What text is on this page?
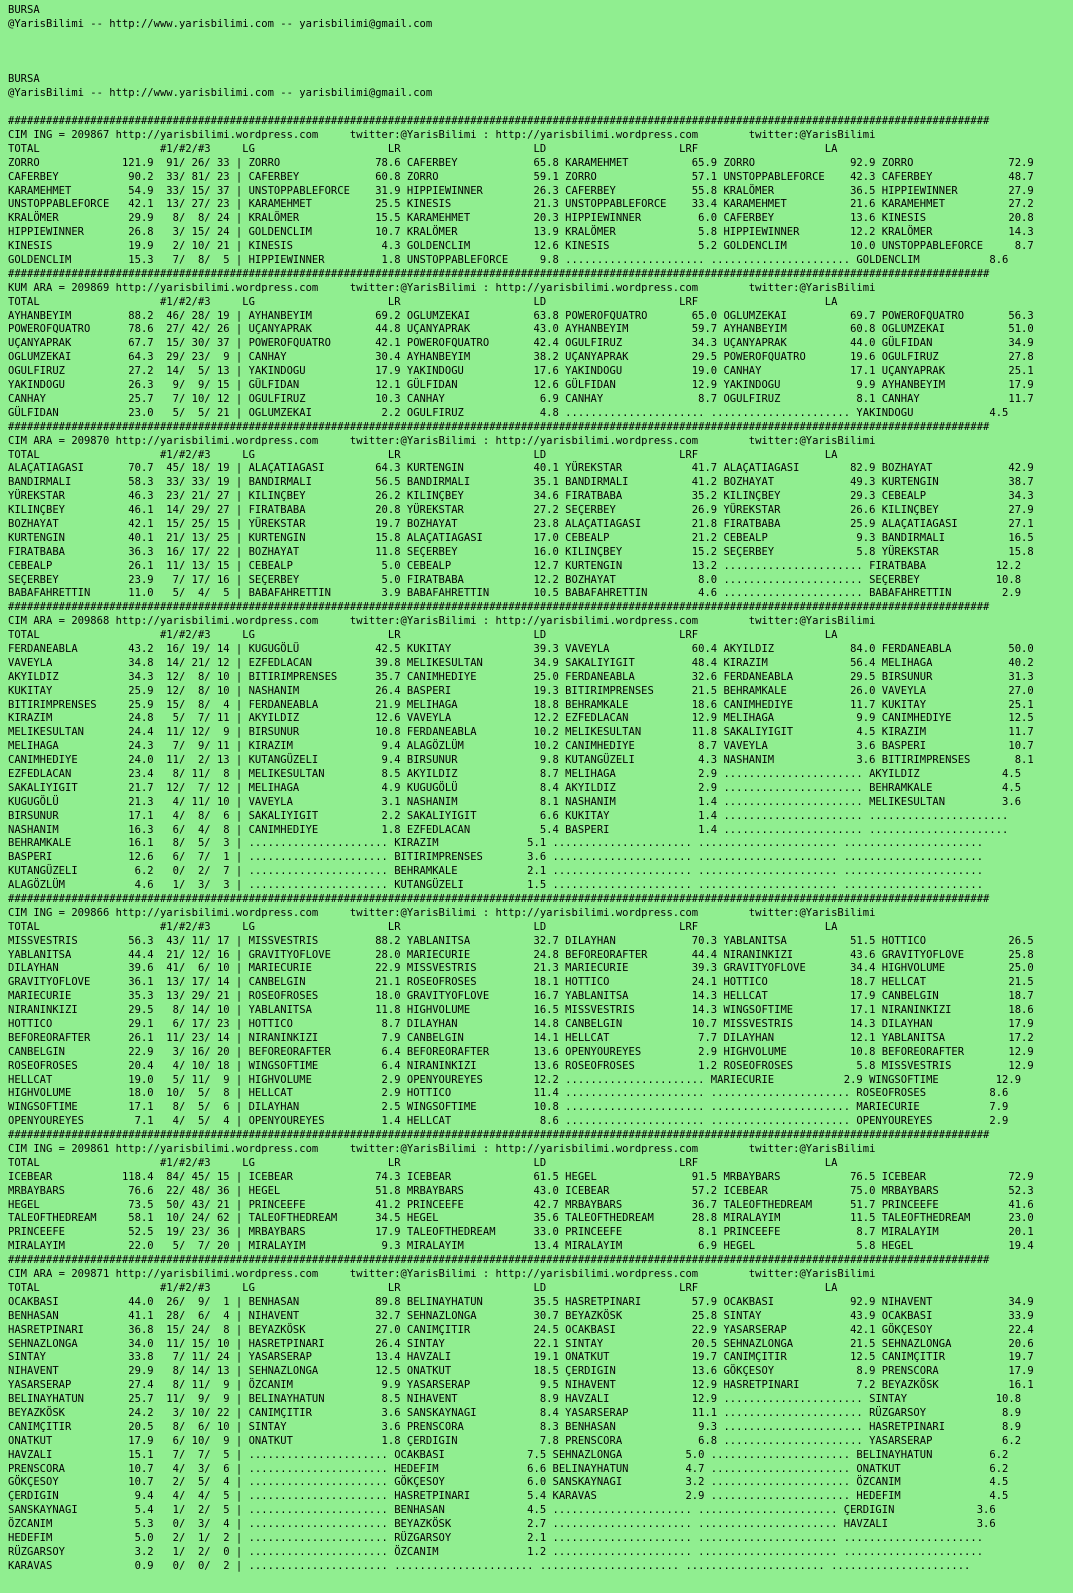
BURSA
@YarisBilimi -- http://www.yarisbilimi.com -- yarisbilimi@gmail.com
BURSA
@YarisBilimi -- http://www.yarisbilimi.com -- yarisbilimi@gmail.com
###########################################################################################################################################################
CIM ING = 209867 http://yarisbilimi.wordpress.com     twitter:@YarisBilimi : http://yarisbilimi.wordpress.com        twitter:@YarisBilimi
TOTAL                   #1/#2/#3     LG                     LR                     LD                     LRF                    LA
ZORRO             121.9  91/ 26/ 33 | ZORRO               78.6 CAFERBEY            65.8 KARAMEHMET          65.9 ZORRO               92.9 ZORRO               72.9
CAFERBEY           90.2  33/ 81/ 23 | CAFERBEY            60.8 ZORRO               59.1 ZORRO               57.1 UNSTOPPABLEFORCE    42.3 CAFERBEY            48.7
KARAMEHMET         54.9  33/ 15/ 37 | UNSTOPPABLEFORCE    31.9 HIPPIEWINNER        26.3 CAFERBEY            55.8 KRALÖMER            36.5 HIPPIEWINNER        27.9
UNSTOPPABLEFORCE   42.1  13/ 27/ 23 | KARAMEHMET          25.5 KINESIS             21.3 UNSTOPPABLEFORCE    33.4 KARAMEHMET          21.6 KARAMEHMET          27.2
KRALÖMER           29.9   8/  8/ 24 | KRALÖMER            15.5 KARAMEHMET          20.3 HIPPIEWINNER         6.0 CAFERBEY            13.6 KINESIS             20.8
HIPPIEWINNER       26.8   3/ 15/ 24 | GOLDENCLIM          10.7 KRALÖMER            13.9 KRALÖMER             5.8 HIPPIEWINNER        12.2 KRALÖMER            14.3
KINESIS            19.9   2/ 10/ 21 | KINESIS              4.3 GOLDENCLIM          12.6 KINESIS              5.2 GOLDENCLIM          10.0 UNSTOPPABLEFORCE     8.7
GOLDENCLIM         15.3   7/  8/  5 | HIPPIEWINNER         1.8 UNSTOPPABLEFORCE     9.8 ...................... ...................... GOLDENCLIM           8.6
###########################################################################################################################################################
KUM ARA = 209869 http://yarisbilimi.wordpress.com     twitter:@YarisBilimi : http://yarisbilimi.wordpress.com        twitter:@YarisBilimi
TOTAL                   #1/#2/#3     LG                     LR                     LD                     LRF                    LA
AYHANBEYIM         88.2  46/ 28/ 19 | AYHANBEYIM          69.2 OGLUMZEKAI          63.8 POWEROFQUATRO       65.0 OGLUMZEKAI          69.7 POWEROFQUATRO       56.3
POWEROFQUATRO      78.6  27/ 42/ 26 | UÇANYAPRAK          44.8 UÇANYAPRAK          43.0 AYHANBEYIM          59.7 AYHANBEYIM          60.8 OGLUMZEKAI          51.0
UÇANYAPRAK         67.7  15/ 30/ 37 | POWEROFQUATRO       42.1 POWEROFQUATRO       42.4 OGULFIRUZ           34.3 UÇANYAPRAK          44.0 GÜLFIDAN            34.9
OGLUMZEKAI         64.3  29/ 23/  9 | CANHAY              30.4 AYHANBEYIM          38.2 UÇANYAPRAK          29.5 POWEROFQUATRO       19.6 OGULFIRUZ           27.8
OGULFIRUZ          27.2  14/  5/ 13 | YAKINDOGU           17.9 YAKINDOGU           17.6 YAKINDOGU           19.0 CANHAY              17.1 UÇANYAPRAK          25.1
YAKINDOGU          26.3   9/  9/ 15 | GÜLFIDAN            12.1 GÜLFIDAN            12.6 GÜLFIDAN            12.9 YAKINDOGU            9.9 AYHANBEYIM          17.9
CANHAY             25.7   7/ 10/ 12 | OGULFIRUZ           10.3 CANHAY               6.9 CANHAY               8.7 OGULFIRUZ            8.1 CANHAY              11.7
GÜLFIDAN           23.0   5/  5/ 21 | OGLUMZEKAI           2.2 OGULFIRUZ            4.8 ...................... ...................... YAKINDOGU            4.5
###########################################################################################################################################################
CIM ARA = 209870 http://yarisbilimi.wordpress.com     twitter:@YarisBilimi : http://yarisbilimi.wordpress.com        twitter:@YarisBilimi
TOTAL                   #1/#2/#3     LG                     LR                     LD                     LRF                    LA
ALAÇATIAGASI       70.7  45/ 18/ 19 | ALAÇATIAGASI        64.3 KURTENGIN           40.1 YÜREKSTAR           41.7 ALAÇATIAGASI        82.9 BOZHAYAT            42.9
BANDIRMALI         58.3  33/ 33/ 19 | BANDIRMALI          56.5 BANDIRMALI          35.1 BANDIRMALI          41.2 BOZHAYAT            49.3 KURTENGIN           38.7
YÜREKSTAR          46.3  23/ 21/ 27 | KILINÇBEY           26.2 KILINÇBEY           34.6 FIRATBABA           35.2 KILINÇBEY           29.3 CEBEALP             34.3
KILINÇBEY          46.1  14/ 29/ 27 | FIRATBABA           20.8 YÜREKSTAR           27.2 SEÇERBEY            26.9 YÜREKSTAR           26.6 KILINÇBEY           27.9
BOZHAYAT           42.1  15/ 25/ 15 | YÜREKSTAR           19.7 BOZHAYAT            23.8 ALAÇATIAGASI        21.8 FIRATBABA           25.9 ALAÇATIAGASI        27.1
KURTENGIN          40.1  21/ 13/ 25 | KURTENGIN           15.8 ALAÇATIAGASI        17.0 CEBEALP             21.2 CEBEALP              9.3 BANDIRMALI          16.5
FIRATBABA          36.3  16/ 17/ 22 | BOZHAYAT            11.8 SEÇERBEY            16.0 KILINÇBEY           15.2 SEÇERBEY             5.8 YÜREKSTAR           15.8
CEBEALP            26.1  11/ 13/ 15 | CEBEALP              5.0 CEBEALP             12.7 KURTENGIN           13.2 ...................... FIRATBABA           12.2
SEÇERBEY           23.9   7/ 17/ 16 | SEÇERBEY             5.0 FIRATBABA           12.2 BOZHAYAT             8.0 ...................... SEÇERBEY            10.8
BABAFAHRETTIN      11.0   5/  4/  5 | BABAFAHRETTIN        3.9 BABAFAHRETTIN       10.5 BABAFAHRETTIN        4.6 ...................... BABAFAHRETTIN        2.9
###########################################################################################################################################################
CIM ARA = 209868 http://yarisbilimi.wordpress.com     twitter:@YarisBilimi : http://yarisbilimi.wordpress.com        twitter:@YarisBilimi
TOTAL                   #1/#2/#3     LG                     LR                     LD                     LRF                    LA
FERDANEABLA        43.2  16/ 19/ 14 | KUGUGÖLÜ            42.5 KUKITAY             39.3 VAVEYLA             60.4 AKYILDIZ            84.0 FERDANEABLA         50.0
VAVEYLA            34.8  14/ 21/ 12 | EZFEDLACAN          39.8 MELIKESULTAN        34.9 SAKALIYIGIT         48.4 KIRAZIM             56.4 MELIHAGA            40.2
AKYILDIZ           34.3  12/  8/ 10 | BITIRIMPRENSES      35.7 CANIMHEDIYE         25.0 FERDANEABLA         32.6 FERDANEABLA         29.5 BIRSUNUR            31.3
KUKITAY            25.9  12/  8/ 10 | NASHANIM            26.4 BASPERI             19.3 BITIRIMPRENSES      21.5 BEHRAMKALE          26.0 VAVEYLA             27.0
BITIRIMPRENSES     25.9  15/  8/  4 | FERDANEABLA         21.9 MELIHAGA            18.8 BEHRAMKALE          18.6 CANIMHEDIYE         11.7 KUKITAY             25.1
KIRAZIM            24.8   5/  7/ 11 | AKYILDIZ            12.6 VAVEYLA             12.2 EZFEDLACAN          12.9 MELIHAGA             9.9 CANIMHEDIYE         12.5
MELIKESULTAN       24.4  11/ 12/  9 | BIRSUNUR            10.8 FERDANEABLA         10.2 MELIKESULTAN        11.8 SAKALIYIGIT          4.5 KIRAZIM             11.7
MELIHAGA           24.3   7/  9/ 11 | KIRAZIM              9.4 ALAGÖZLÜM           10.2 CANIMHEDIYE          8.7 VAVEYLA              3.6 BASPERI             10.7
CANIMHEDIYE        24.0  11/  2/ 13 | KUTANGÜZELI          9.4 BIRSUNUR             9.8 KUTANGÜZELI          4.3 NASHANIM             3.6 BITIRIMPRENSES       8.1
EZFEDLACAN         23.4   8/ 11/  8 | MELIKESULTAN         8.5 AKYILDIZ             8.7 MELIHAGA             2.9 ...................... AKYILDIZ             4.5
SAKALIYIGIT        21.7  12/  7/ 12 | MELIHAGA             4.9 KUGUGÖLÜ             8.4 AKYILDIZ             2.9 ...................... BEHRAMKALE           4.5
KUGUGÖLÜ           21.3   4/ 11/ 10 | VAVEYLA              3.1 NASHANIM             8.1 NASHANIM             1.4 ...................... MELIKESULTAN         3.6
BIRSUNUR           17.1   4/  8/  6 | SAKALIYIGIT          2.2 SAKALIYIGIT          6.6 KUKITAY              1.4 ...................... ......................
NASHANIM           16.3   6/  4/  8 | CANIMHEDIYE          1.8 EZFEDLACAN           5.4 BASPERI              1.4 ...................... ......................
BEHRAMKALE         16.1   8/  5/  3 | ...................... KIRAZIM              5.1 ...................... ...................... ......................
BASPERI            12.6   6/  7/  1 | ...................... BITIRIMPRENSES       3.6 ...................... ...................... ......................
KUTANGÜZELI         6.2   0/  2/  7 | ...................... BEHRAMKALE           2.1 ...................... ...................... ......................
ALAGÖZLÜM           4.6   1/  3/  3 | ...................... KUTANGÜZELI          1.5 ...................... ...................... ......................
###########################################################################################################################################################
CIM ING = 209866 http://yarisbilimi.wordpress.com     twitter:@YarisBilimi : http://yarisbilimi.wordpress.com        twitter:@YarisBilimi
TOTAL                   #1/#2/#3     LG                     LR                     LD                     LRF                    LA
MISSVESTRIS        56.3  43/ 11/ 17 | MISSVESTRIS         88.2 YABLANITSA          32.7 DILAYHAN            70.3 YABLANITSA          51.5 HOTTICO             26.5
YABLANITSA         44.4  21/ 12/ 16 | GRAVITYOFLOVE       28.0 MARIECURIE          24.8 BEFOREORAFTER       44.4 NIRANINKIZI         43.6 GRAVITYOFLOVE       25.8
DILAYHAN           39.6  41/  6/ 10 | MARIECURIE          22.9 MISSVESTRIS         21.3 MARIECURIE          39.3 GRAVITYOFLOVE       34.4 HIGHVOLUME          25.0
GRAVITYOFLOVE      36.1  13/ 17/ 14 | CANBELGIN           21.1 ROSEOFROSES         18.1 HOTTICO             24.1 HOTTICO             18.7 HELLCAT             21.5
MARIECURIE         35.3  13/ 29/ 21 | ROSEOFROSES         18.0 GRAVITYOFLOVE       16.7 YABLANITSA          14.3 HELLCAT             17.9 CANBELGIN           18.7
NIRANINKIZI        29.5   8/ 14/ 10 | YABLANITSA          11.8 HIGHVOLUME          16.5 MISSVESTRIS         14.3 WINGSOFTIME         17.1 NIRANINKIZI         18.6
HOTTICO            29.1   6/ 17/ 23 | HOTTICO              8.7 DILAYHAN            14.8 CANBELGIN           10.7 MISSVESTRIS         14.3 DILAYHAN            17.9
BEFOREORAFTER      26.1  11/ 23/ 14 | NIRANINKIZI          7.9 CANBELGIN           14.1 HELLCAT              7.7 DILAYHAN            12.1 YABLANITSA          17.2
CANBELGIN          22.9   3/ 16/ 20 | BEFOREORAFTER        6.4 BEFOREORAFTER       13.6 OPENYOUREYES         2.9 HIGHVOLUME          10.8 BEFOREORAFTER       12.9
ROSEOFROSES        20.4   4/ 10/ 18 | WINGSOFTIME          6.4 NIRANINKIZI         13.6 ROSEOFROSES          1.2 ROSEOFROSES          5.8 MISSVESTRIS         12.9
HELLCAT            19.0   5/ 11/  9 | HIGHVOLUME           2.9 OPENYOUREYES        12.2 ...................... MARIECURIE           2.9 WINGSOFTIME         12.9
HIGHVOLUME         18.0  10/  5/  8 | HELLCAT              2.9 HOTTICO             11.4 ...................... ...................... ROSEOFROSES          8.6
WINGSOFTIME        17.1   8/  5/  6 | DILAYHAN             2.5 WINGSOFTIME         10.8 ...................... ...................... MARIECURIE           7.9
OPENYOUREYES        7.1   4/  5/  4 | OPENYOUREYES         1.4 HELLCAT              8.6 ...................... ...................... OPENYOUREYES         2.9
###########################################################################################################################################################
CIM ING = 209861 http://yarisbilimi.wordpress.com     twitter:@YarisBilimi : http://yarisbilimi.wordpress.com        twitter:@YarisBilimi
TOTAL                   #1/#2/#3     LG                     LR                     LD                     LRF                    LA
ICEBEAR           118.4  84/ 45/ 15 | ICEBEAR             74.3 ICEBEAR             61.5 HEGEL               91.5 MRBAYBARS           76.5 ICEBEAR             72.9
MRBAYBARS          76.6  22/ 48/ 36 | HEGEL               51.8 MRBAYBARS           43.0 ICEBEAR             57.2 ICEBEAR             75.0 MRBAYBARS           52.3
HEGEL              73.5  50/ 43/ 21 | PRINCEEFE           41.2 PRINCEEFE           42.7 MRBAYBARS           36.7 TALEOFTHEDREAM      51.7 PRINCEEFE           41.6
TALEOFTHEDREAM     58.1  10/ 24/ 62 | TALEOFTHEDREAM      34.5 HEGEL               35.6 TALEOFTHEDREAM      28.8 MIRALAYIM           11.5 TALEOFTHEDREAM      23.0
PRINCEEFE          52.5  19/ 23/ 36 | MRBAYBARS           17.9 TALEOFTHEDREAM      33.0 PRINCEEFE            8.1 PRINCEEFE            8.7 MIRALAYIM           20.1
MIRALAYIM          22.0   5/  7/ 20 | MIRALAYIM            9.3 MIRALAYIM           13.4 MIRALAYIM            6.9 HEGEL                5.8 HEGEL               19.4
###########################################################################################################################################################
CIM ARA = 209871 http://yarisbilimi.wordpress.com     twitter:@YarisBilimi : http://yarisbilimi.wordpress.com        twitter:@YarisBilimi
TOTAL                   #1/#2/#3     LG                     LR                     LD                     LRF                    LA
OCAKBASI           44.0  26/  9/  1 | BENHASAN            89.8 BELINAYHATUN        35.5 HASRETPINARI        57.9 OCAKBASI            92.9 NIHAVENT            34.9
BENHASAN           41.1  28/  6/  4 | NIHAVENT            32.7 SEHNAZLONGA         30.7 BEYAZKÖSK           25.8 SINTAY              43.9 OCAKBASI            33.9
HASRETPINARI       36.8  15/ 24/  8 | BEYAZKÖSK           27.0 CANIMÇITIR          24.5 OCAKBASI            22.9 YASARSERAP          42.1 GÖKÇESOY            22.4
SEHNAZLONGA        34.0  11/ 15/ 10 | HASRETPINARI        26.4 SINTAY              22.1 SINTAY              20.5 SEHNAZLONGA         21.5 SEHNAZLONGA         20.6
SINTAY             33.8   7/ 11/ 24 | YASARSERAP          13.4 HAVZALI             19.1 ONATKUT             19.7 CANIMÇITIR          12.5 CANIMÇITIR          19.7
NIHAVENT           29.9   8/ 14/ 13 | SEHNAZLONGA         12.5 ONATKUT             18.5 ÇERDIGIN            13.6 GÖKÇESOY             8.9 PRENSCORA           17.9
YASARSERAP         27.4   8/ 11/  9 | ÖZCANIM              9.9 YASARSERAP           9.5 NIHAVENT            12.9 HASRETPINARI         7.2 BEYAZKÖSK           16.1
BELINAYHATUN       25.7  11/  9/  9 | BELINAYHATUN         8.5 NIHAVENT             8.9 HAVZALI             12.9 ...................... SINTAY              10.8
BEYAZKÖSK          24.2   3/ 10/ 22 | CANIMÇITIR           3.6 SANSKAYNAGI          8.4 YASARSERAP          11.1 ...................... RÜZGARSOY            8.9
CANIMÇITIR         20.5   8/  6/ 10 | SINTAY               3.6 PRENSCORA            8.3 BENHASAN             9.3 ...................... HASRETPINARI         8.9
ONATKUT            17.9   6/ 10/  9 | ONATKUT              1.8 ÇERDIGIN             7.8 PRENSCORA            6.8 ...................... YASARSERAP           6.2
HAVZALI            15.1   7/  7/  5 | ...................... OCAKBASI             7.5 SEHNAZLONGA          5.0 ...................... BELINAYHATUN         6.2
PRENSCORA          10.7   4/  3/  6 | ...................... HEDEFIM              6.6 BELINAYHATUN         4.7 ...................... ONATKUT              6.2
GÖKÇESOY           10.7   2/  5/  4 | ...................... GÖKÇESOY             6.0 SANSKAYNAGI          3.2 ...................... ÖZCANIM              4.5
ÇERDIGIN            9.4   4/  4/  5 | ...................... HASRETPINARI         5.4 KARAVAS              2.9 ...................... HEDEFIM              4.5
SANSKAYNAGI         5.4   1/  2/  5 | ...................... BENHASAN             4.5 ...................... ...................... ÇERDIGIN             3.6
ÖZCANIM             5.3   0/  3/  4 | ...................... BEYAZKÖSK            2.7 ...................... ...................... HAVZALI              3.6
HEDEFIM             5.0   2/  1/  2 | ...................... RÜZGARSOY            2.1 ...................... ...................... ......................
RÜZGARSOY           3.2   1/  2/  0 | ...................... ÖZCANIM              1.2 ...................... ...................... ......................
KARAVAS             0.9   0/  0/  2 | ...................... ...................... ...................... ...................... ......................
